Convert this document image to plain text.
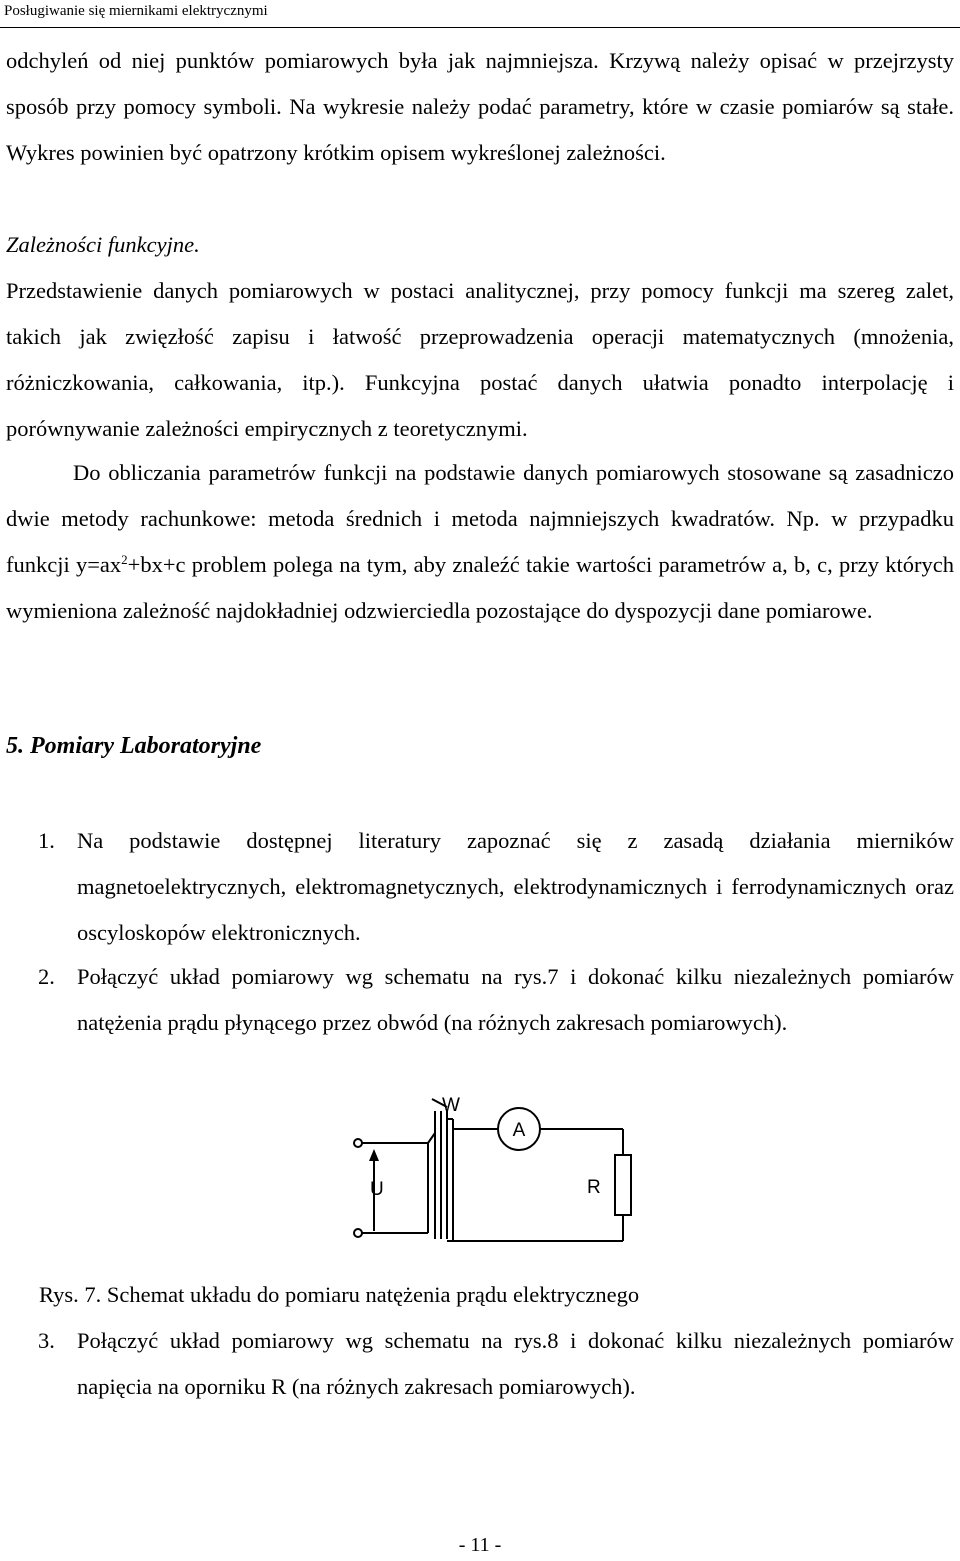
Posługiwanie się miernikami elektrycznymi

odchyleń od niej punktów pomiarowych była jak najmniejsza. Krzywą należy opisać w przejrzysty sposób przy pomocy symboli. Na wykresie należy podać parametry, które w czasie pomiarów są stałe. Wykres powinien być opatrzony krótkim opisem wykreślonej zależności.

Zależności funkcyjne.

Przedstawienie danych pomiarowych w postaci analitycznej, przy pomocy funkcji ma szereg zalet, takich jak zwięzłość zapisu i łatwość przeprowadzenia operacji matematycznych (mnożenia, różniczkowania, całkowania, itp.). Funkcyjna postać danych ułatwia ponadto interpolację i porównywanie zależności empirycznych z teoretycznymi.

Do obliczania parametrów funkcji na podstawie danych pomiarowych stosowane są zasadniczo dwie metody rachunkowe: metoda średnich i metoda najmniejszych kwadratów. Np. w przypadku funkcji $y=ax^2+bx+c$ problem polega na tym, aby znaleźć takie wartości parametrów a, b, c, przy których wymieniona zależność najdokładniej odzwierciedla pozostające do dyspozycji dane pomiarowe.

5. Pomiary Laboratoryjne

1. Na podstawie dostępnej literatury zapoznać się z zasadą działania mierników magnetoelektrycznych, elektromagnetycznych, elektrodynamicznych i ferrodynamicznych oraz oscyloskopów elektronicznych.

2. Połączyć układ pomiarowy wg schematu na rys.7 i dokonać kilku niezależnych pomiarów natężenia prądu płynącego przez obwód (na różnych zakresach pomiarowych).

W
A
U	R

Rys. 7. Schemat układu do pomiaru natężenia prądu elektrycznego

3. Połączyć układ pomiarowy wg schematu na rys.8 i dokonać kilku niezależnych pomiarów napięcia na oporniku R (na różnych zakresach pomiarowych).

- 11 -
